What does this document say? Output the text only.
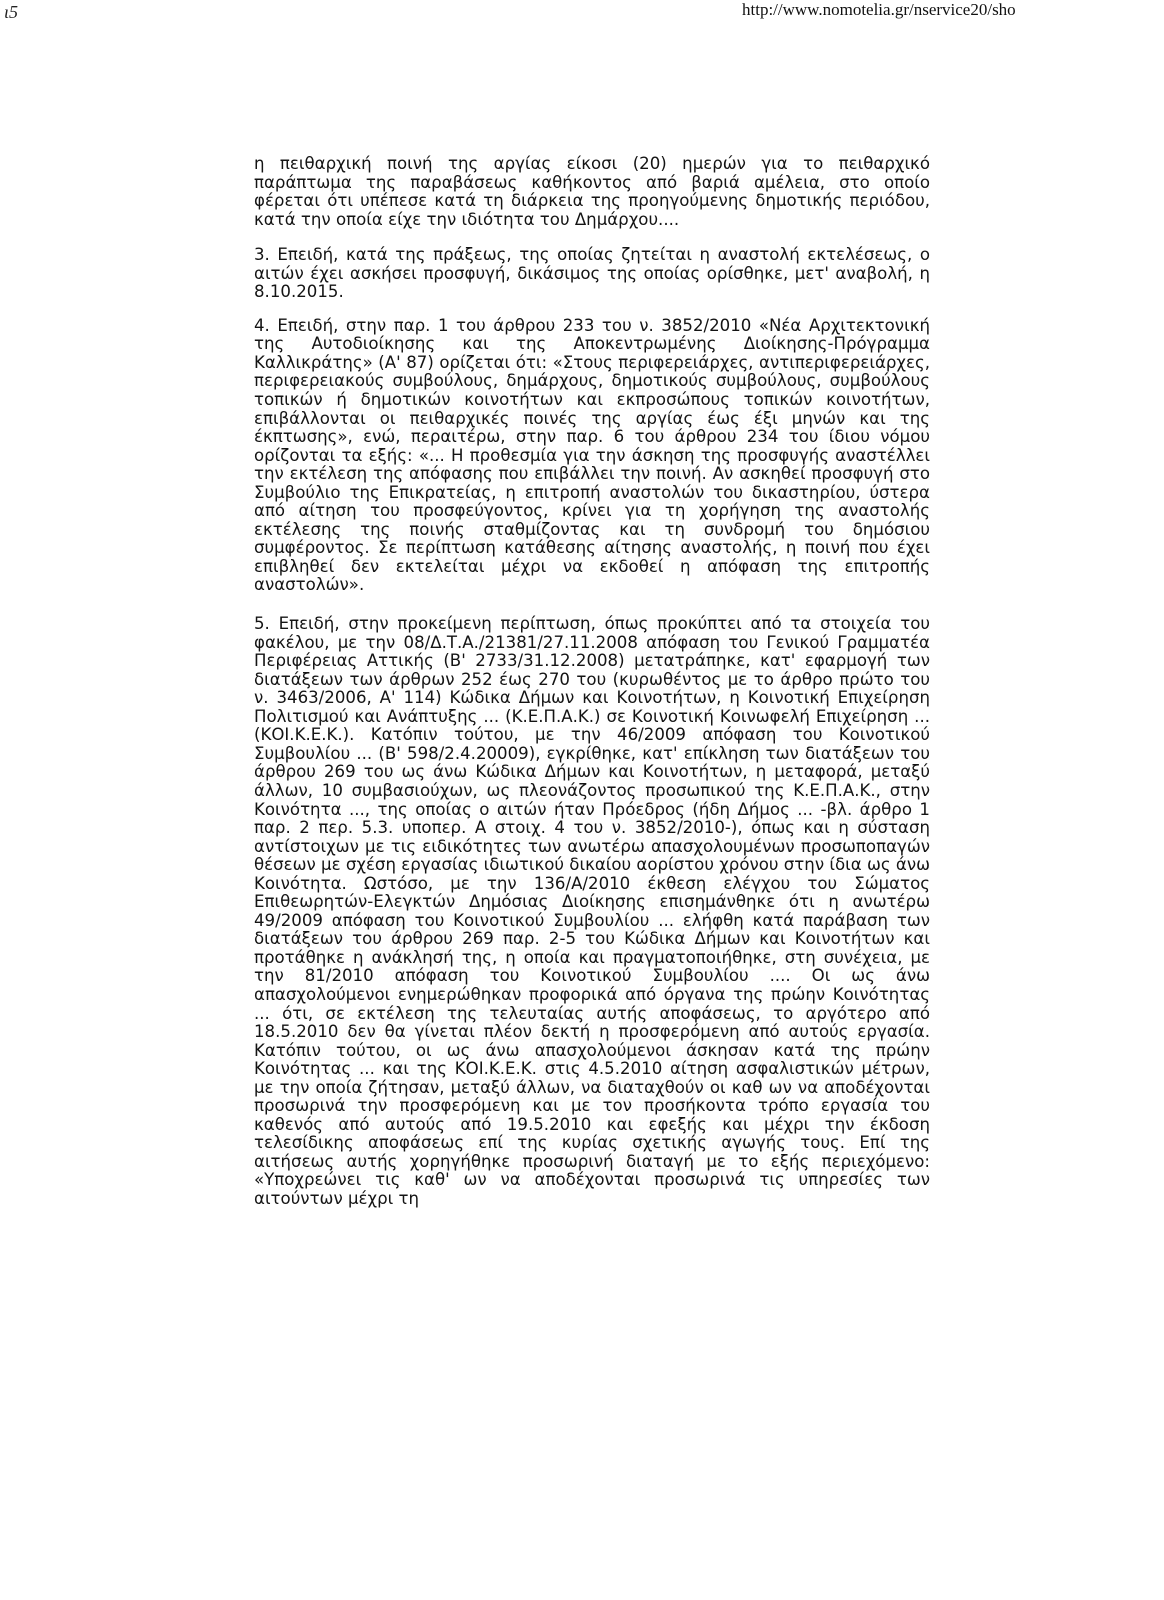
ι5	http://www.nomotelia.gr/nservice20/sho

η πειθαρχική ποινή της αργίας είκοσι (20) ημερών για το πειθαρχικό παράπτωμα της παραβάσεως καθήκοντος από βαριά αμέλεια, στο οποίο φέρεται ότι υπέπεσε κατά τη διάρκεια της προηγούμενης δημοτικής περιόδου, κατά την οποία είχε την ιδιότητα του Δημάρχου....

3. Επειδή, κατά της πράξεως, της οποίας ζητείται η αναστολή εκτελέσεως, ο αιτών έχει ασκήσει προσφυγή, δικάσιμος της οποίας ορίσθηκε, μετ' αναβολή, η 8.10.2015.

4. Επειδή, στην παρ. 1 του άρθρου 233 του ν. 3852/2010 «Νέα Αρχιτεκτονική της Αυτοδιοίκησης και της Αποκεντρωμένης Διοίκησης-Πρόγραμμα Καλλικράτης» (Α' 87) ορίζεται ότι: «Στους περιφερειάρχες, αντιπεριφερειάρχες, περιφερειακούς συμβούλους, δημάρχους, δημοτικούς συμβούλους, συμβούλους τοπικών ή δημοτικών κοινοτήτων και εκπροσώπους τοπικών κοινοτήτων, επιβάλλονται οι πειθαρχικές ποινές της αργίας έως έξι μηνών και της έκπτωσης», ενώ, περαιτέρω, στην παρ. 6 του άρθρου 234 του ίδιου νόμου ορίζονται τα εξής: «... Η προθεσμία για την άσκηση της προσφυγής αναστέλλει την εκτέλεση της απόφασης που επιβάλλει την ποινή. Αν ασκηθεί προσφυγή στο Συμβούλιο της Επικρατείας, η επιτροπή αναστολών του δικαστηρίου, ύστερα από αίτηση του προσφεύγοντος, κρίνει για τη χορήγηση της αναστολής εκτέλεσης της ποινής σταθμίζοντας και τη συνδρομή του δημόσιου συμφέροντος. Σε περίπτωση κατάθεσης αίτησης αναστολής, η ποινή που έχει επιβληθεί δεν εκτελείται μέχρι να εκδοθεί η απόφαση της επιτροπής αναστολών».

5. Επειδή, στην προκείμενη περίπτωση, όπως προκύπτει από τα στοιχεία του φακέλου, με την 08/Δ.Τ.Α./21381/27.11.2008 απόφαση του Γενικού Γραμματέα Περιφέρειας Αττικής (Β' 2733/31.12.2008) μετατράπηκε, κατ' εφαρμογή των διατάξεων των άρθρων 252 έως 270 του (κυρωθέντος με το άρθρο πρώτο του ν. 3463/2006, Α' 114) Κώδικα Δήμων και Κοινοτήτων, η Κοινοτική Επιχείρηση Πολιτισμού και Ανάπτυξης ... (Κ.Ε.Π.Α.Κ.) σε Κοινοτική Κοινωφελή Επιχείρηση ... (ΚΟΙ.Κ.Ε.Κ.). Κατόπιν τούτου, με την 46/2009 απόφαση του Κοινοτικού Συμβουλίου ... (Β' 598/2.4.20009), εγκρίθηκε, κατ' επίκληση των διατάξεων του άρθρου 269 του ως άνω Κώδικα Δήμων και Κοινοτήτων, η μεταφορά, μεταξύ άλλων, 10 συμβασιούχων, ως πλεονάζοντος προσωπικού της Κ.Ε.Π.Α.Κ., στην Κοινότητα ..., της οποίας ο αιτών ήταν Πρόεδρος (ήδη Δήμος ... -βλ. άρθρο 1 παρ. 2 περ. 5.3. υποπερ. Α στοιχ. 4 του ν. 3852/2010-), όπως και η σύσταση αντίστοιχων με τις ειδικότητες των ανωτέρω απασχολουμένων προσωποπαγών θέσεων με σχέση εργασίας ιδιωτικού δικαίου αορίστου χρόνου στην ίδια ως άνω Κοινότητα. Ωστόσο, με την 136/Α/2010 έκθεση ελέγχου του Σώματος Επιθεωρητών-Ελεγκτών Δημόσιας Διοίκησης επισημάνθηκε ότι η ανωτέρω 49/2009 απόφαση του Κοινοτικού Συμβουλίου ... ελήφθη κατά παράβαση των διατάξεων του άρθρου 269 παρ. 2-5 του Κώδικα Δήμων και Κοινοτήτων και προτάθηκε η ανάκλησή της, η οποία και πραγματοποιήθηκε, στη συνέχεια, με την 81/2010 απόφαση του Κοινοτικού Συμβουλίου .... Οι ως άνω απασχολούμενοι ενημερώθηκαν προφορικά από όργανα της πρώην Κοινότητας ... ότι, σε εκτέλεση της τελευταίας αυτής αποφάσεως, το αργότερο από 18.5.2010 δεν θα γίνεται πλέον δεκτή η προσφερόμενη από αυτούς εργασία. Κατόπιν τούτου, οι ως άνω απασχολούμενοι άσκησαν κατά της πρώην Κοινότητας ... και της ΚΟΙ.Κ.Ε.Κ. στις 4.5.2010 αίτηση ασφαλιστικών μέτρων, με την οποία ζήτησαν, μεταξύ άλλων, να διαταχθούν οι καθ ων να αποδέχονται προσωρινά την προσφερόμενη και με τον προσήκοντα τρόπο εργασία του καθενός από αυτούς από 19.5.2010 και εφεξής και μέχρι την έκδοση τελεσίδικης αποφάσεως επί της κυρίας σχετικής αγωγής τους. Επί της αιτήσεως αυτής χορηγήθηκε προσωρινή διαταγή με το εξής περιεχόμενο: «Υποχρεώνει τις καθ' ων να αποδέχονται προσωρινά τις υπηρεσίες των αιτούντων μέχρι τη
